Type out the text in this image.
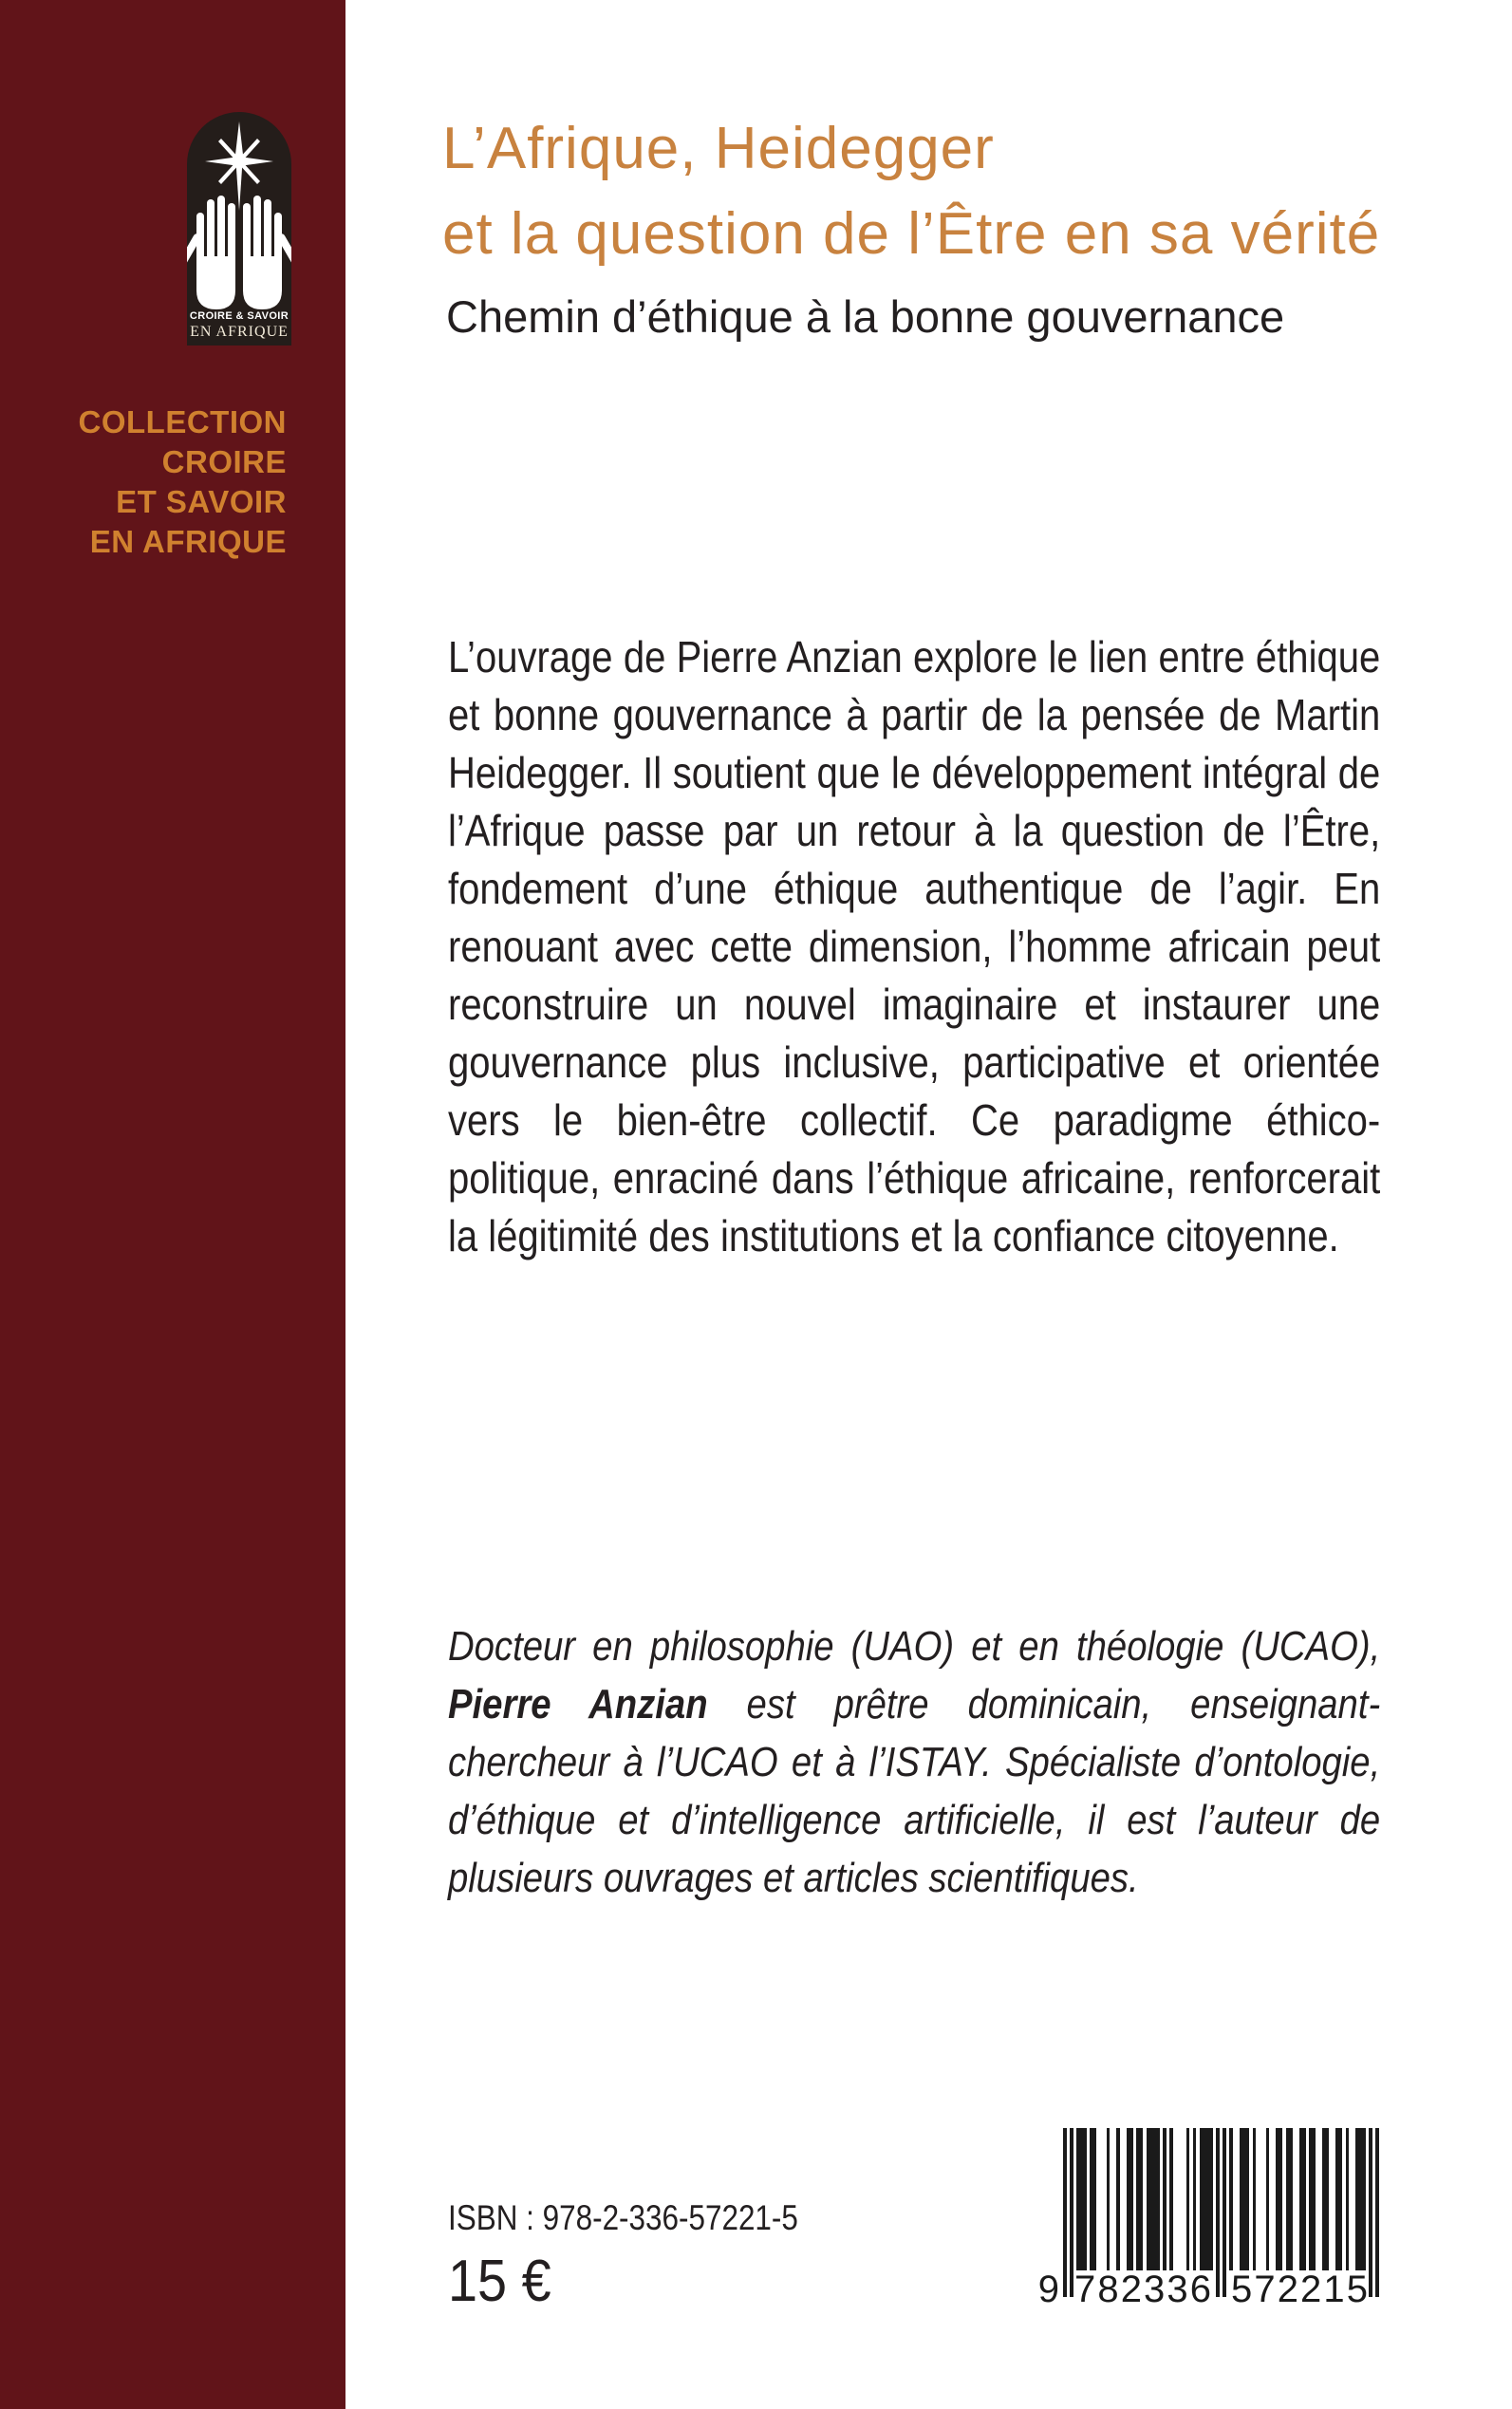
CROIRE & SAVOIR
EN AFRIQUE
COLLECTION
CROIRE
ET SAVOIR
EN AFRIQUE
L’Afrique, Heidegger
et la question de l’Être en sa vérité
Chemin d’éthique à la bonne gouvernance

L’ouvrage de Pierre Anzian explore le lien entre éthique et bonne gouvernance à partir de la pensée de Martin Heidegger. Il soutient que le développement intégral de l’Afrique passe par un retour à la question de l’Être, fondement d’une éthique authentique de l’agir. En renouant avec cette dimension, l’homme africain peut reconstruire un nouvel imaginaire et instaurer une gouvernance plus inclusive, participative et orientée vers le bien-être collectif. Ce paradigme éthico-politique, enraciné dans l’éthique africaine, renforcerait la légitimité des institutions et la confiance citoyenne.

Docteur en philosophie (UAO) et en théologie (UCAO), Pierre Anzian est prêtre dominicain, enseignant-chercheur à l’UCAO et à l’ISTAY. Spécialiste d’ontologie, d’éthique et d’intelligence artificielle, il est l’auteur de plusieurs ouvrages et articles scientifiques.

ISBN : 978-2-336-57221-5
15 €	9 7 8 2 3 3 6 5 7 2 2 1 5
